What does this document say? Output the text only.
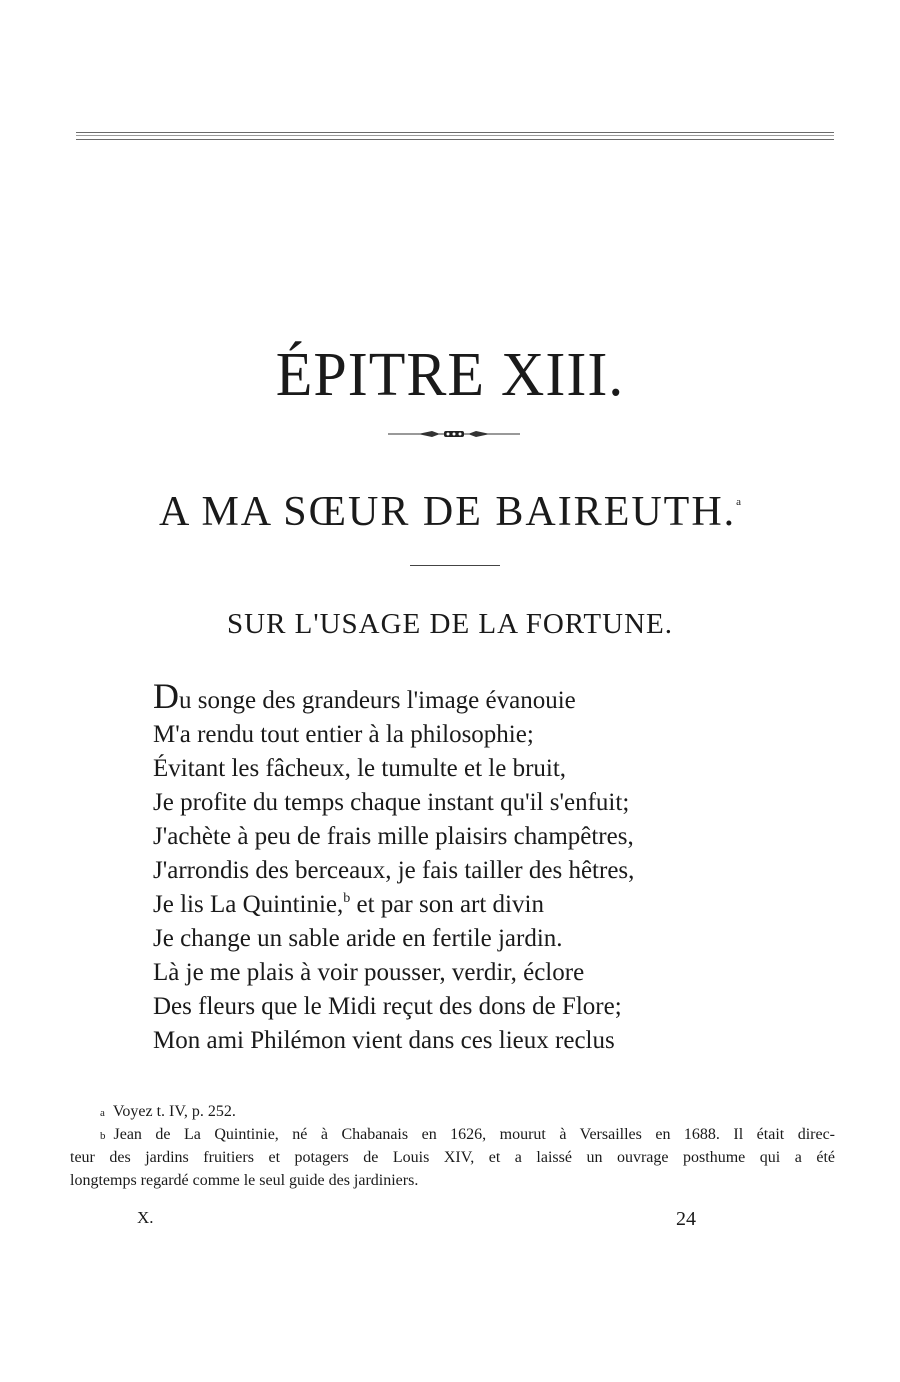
ÉPITRE XIII.
A MA SŒUR DE BAIREUTH.$^a$
SUR L'USAGE DE LA FORTUNE.
Du songe des grandeurs l'image évanouie
M'a rendu tout entier à la philosophie;
Évitant les fâcheux, le tumulte et le bruit,
Je profite du temps chaque instant qu'il s'enfuit;
J'achète à peu de frais mille plaisirs champêtres,
J'arrondis des berceaux, je fais tailler des hêtres,
Je lis La Quintinie,$^b$ et par son art divin
Je change un sable aride en fertile jardin.
Là je me plais à voir pousser, verdir, éclore
Des fleurs que le Midi reçut des dons de Flore;
Mon ami Philémon vient dans ces lieux reclus
$^a$ Voyez t. IV, p. 252.
$^b$ Jean de La Quintinie, né à Chabanais en 1626, mourut à Versailles en 1688. Il était direc-
teur des jardins fruitiers et potagers de Louis XIV, et a laissé un ouvrage posthume qui a été
longtemps regardé comme le seul guide des jardiniers.
X.	24
